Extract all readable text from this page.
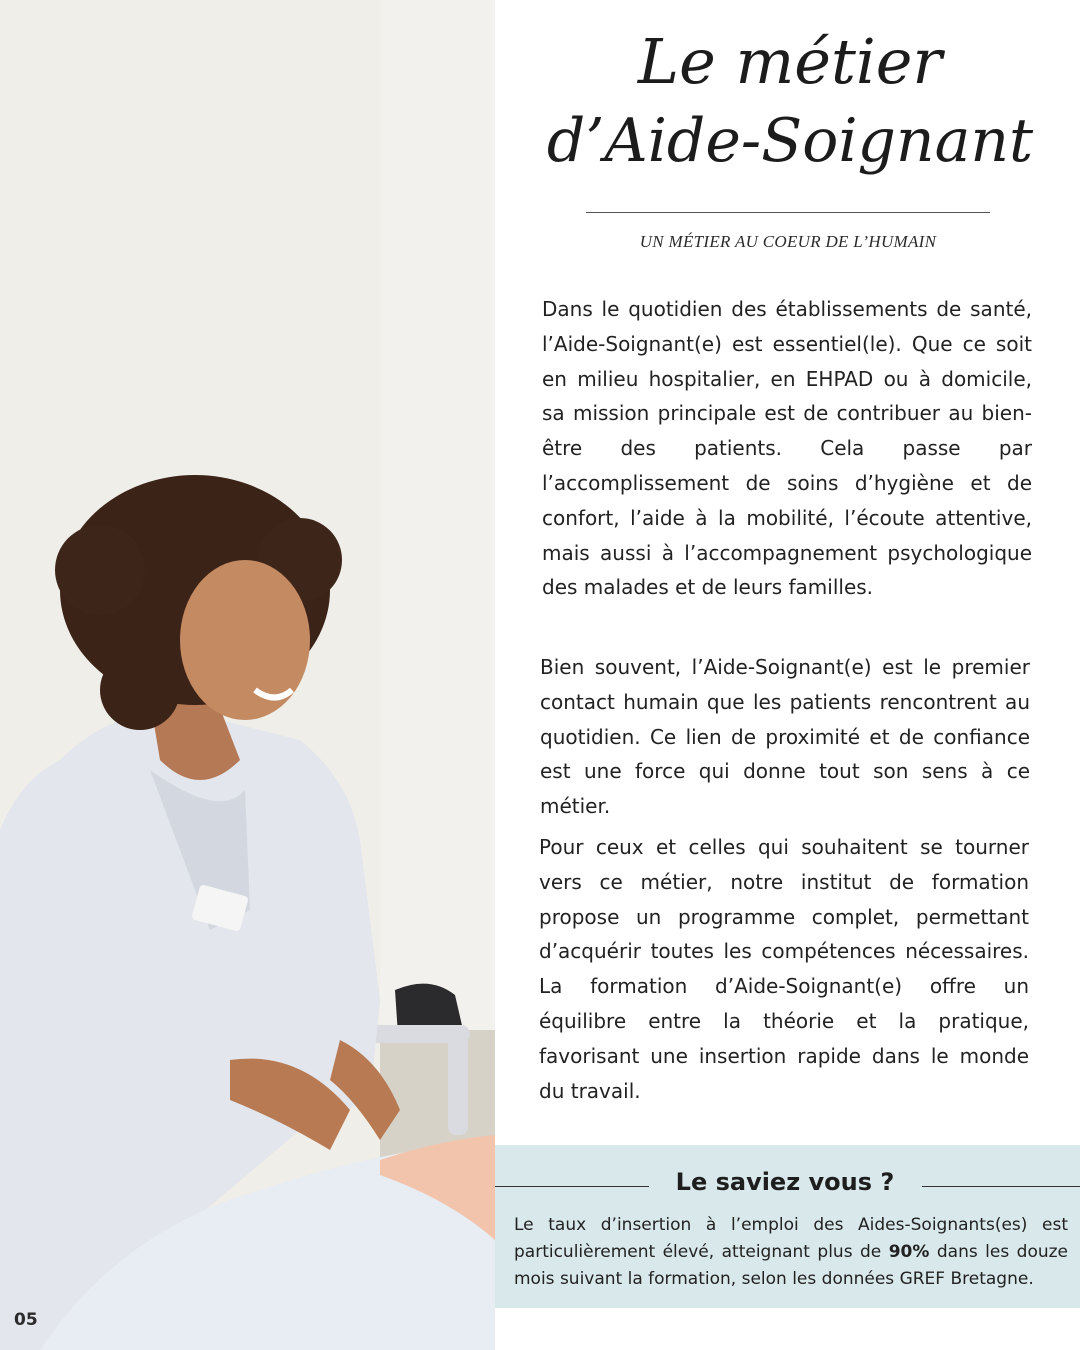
05
Le métier
d’Aide-Soignant
UN MÉTIER AU COEUR DE L’HUMAIN

Dans le quotidien des établissements de santé, l’Aide-Soignant(e) est essentiel(le). Que ce soit en milieu hospitalier, en EHPAD ou à domicile, sa mission principale est de contribuer au bien-être des patients. Cela passe par l’accomplissement de soins d’hygiène et de confort, l’aide à la mobilité, l’écoute attentive, mais aussi à l’accompagnement psychologique des malades et de leurs familles.

Bien souvent, l’Aide-Soignant(e) est le premier contact humain que les patients rencontrent au quotidien. Ce lien de proximité et de confiance est une force qui donne tout son sens à ce métier.

Pour ceux et celles qui souhaitent se tourner vers ce métier, notre institut de formation propose un programme complet, permettant d’acquérir toutes les compétences nécessaires. La formation d’Aide-Soignant(e) offre un équilibre entre la théorie et la pratique, favorisant une insertion rapide dans le monde du travail.

Le saviez vous ?

Le taux d’insertion à l’emploi des Aides-Soignants(es) est particulièrement élevé, atteignant plus de 90% dans les douze mois suivant la formation, selon les données GREF Bretagne.
